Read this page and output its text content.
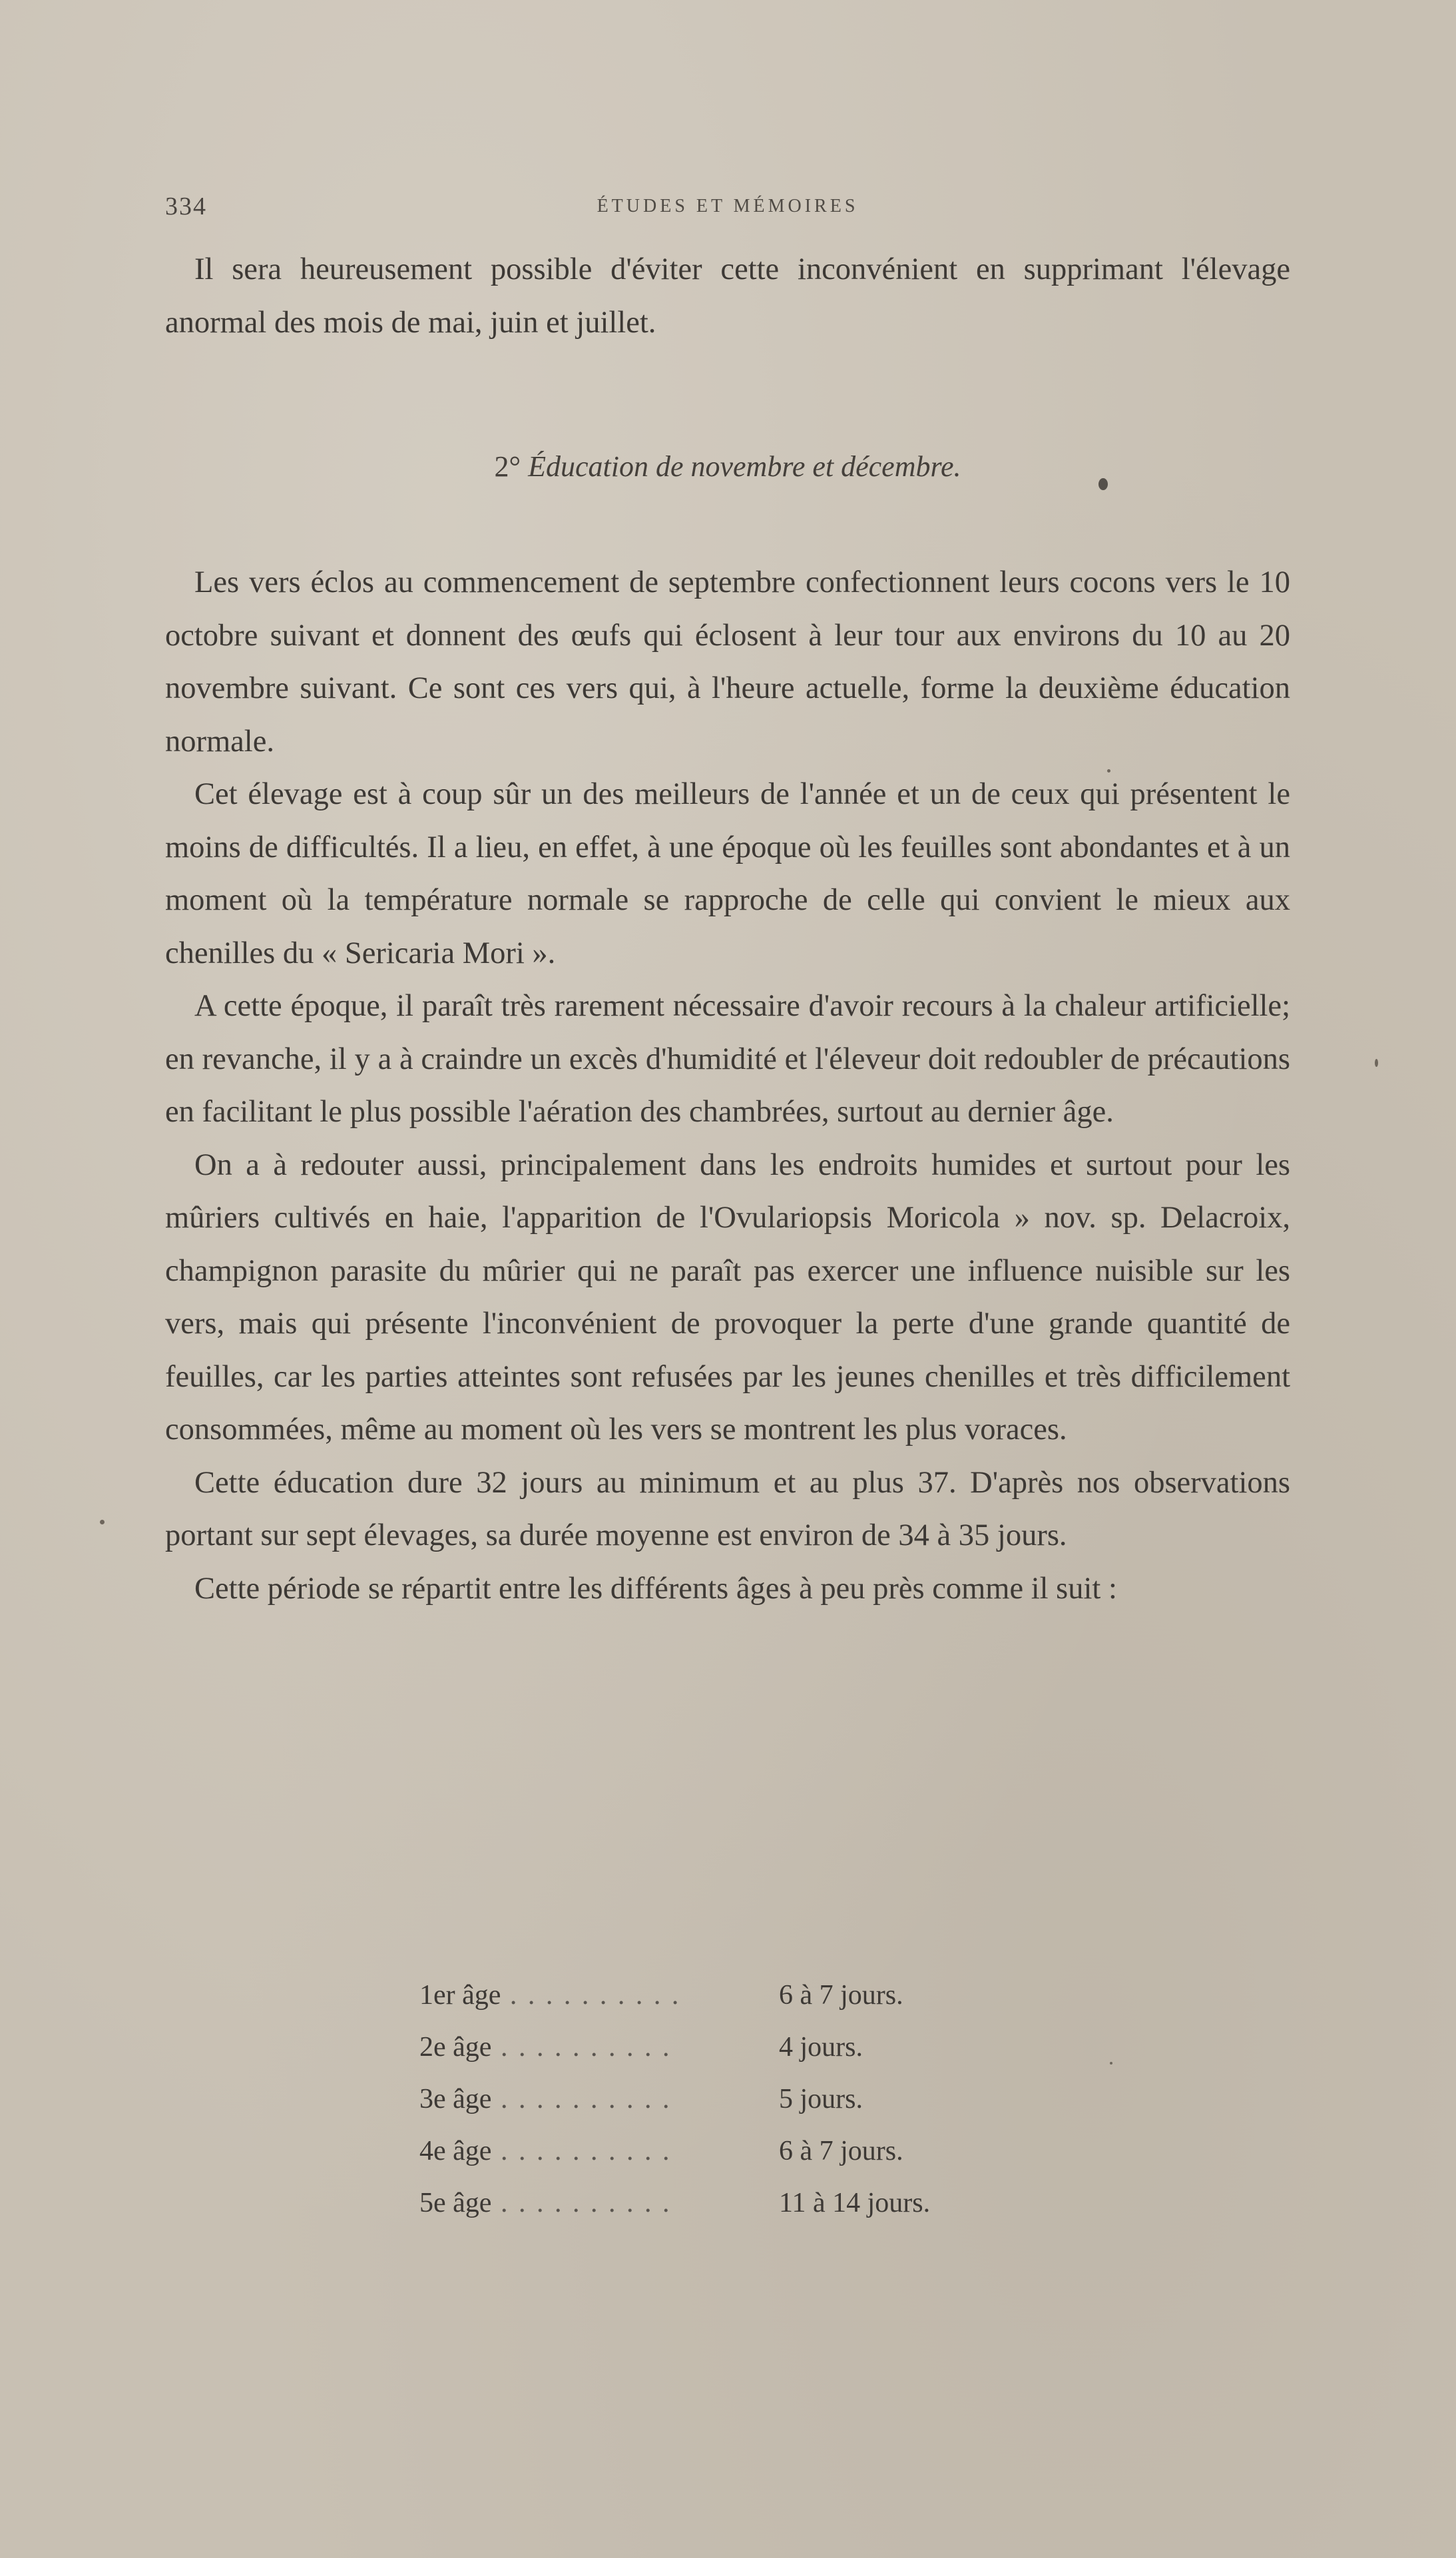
334	ÉTUDES ET MÉMOIRES

Il sera heureusement possible d'éviter cette inconvénient en supprimant l'élevage anormal des mois de mai, juin et juillet.

2° Éducation de novembre et décembre.

Les vers éclos au commencement de septembre confectionnent leurs cocons vers le 10 octobre suivant et donnent des œufs qui éclosent à leur tour aux environs du 10 au 20 novembre suivant. Ce sont ces vers qui, à l'heure actuelle, forme la deuxième éducation normale.

Cet élevage est à coup sûr un des meilleurs de l'année et un de ceux qui présentent le moins de difficultés. Il a lieu, en effet, à une époque où les feuilles sont abondantes et à un moment où la température normale se rapproche de celle qui convient le mieux aux chenilles du « Sericaria Mori ».

A cette époque, il paraît très rarement nécessaire d'avoir recours à la chaleur artificielle; en revanche, il y a à craindre un excès d'humidité et l'éleveur doit redoubler de précautions en facilitant le plus possible l'aération des chambrées, surtout au dernier âge.

On a à redouter aussi, principalement dans les endroits humides et surtout pour les mûriers cultivés en haie, l'apparition de l'Ovulariopsis Moricola » nov. sp. Delacroix, champignon parasite du mûrier qui ne paraît pas exercer une influence nuisible sur les vers, mais qui présente l'inconvénient de provoquer la perte d'une grande quantité de feuilles, car les parties atteintes sont refusées par les jeunes chenilles et très difficilement consommées, même au moment où les vers se montrent les plus voraces.

Cette éducation dure 32 jours au minimum et au plus 37. D'après nos observations portant sur sept élevages, sa durée moyenne est environ de 34 à 35 jours.

Cette période se répartit entre les différents âges à peu près comme il suit :

1er âge . . . . . . . . . .	6 à 7 jours.
2e âge . . . . . . . . . .	4 jours.
3e âge . . . . . . . . . .	5 jours.
4e âge . . . . . . . . . .	6 à 7 jours.
5e âge . . . . . . . . . .	11 à 14 jours.
